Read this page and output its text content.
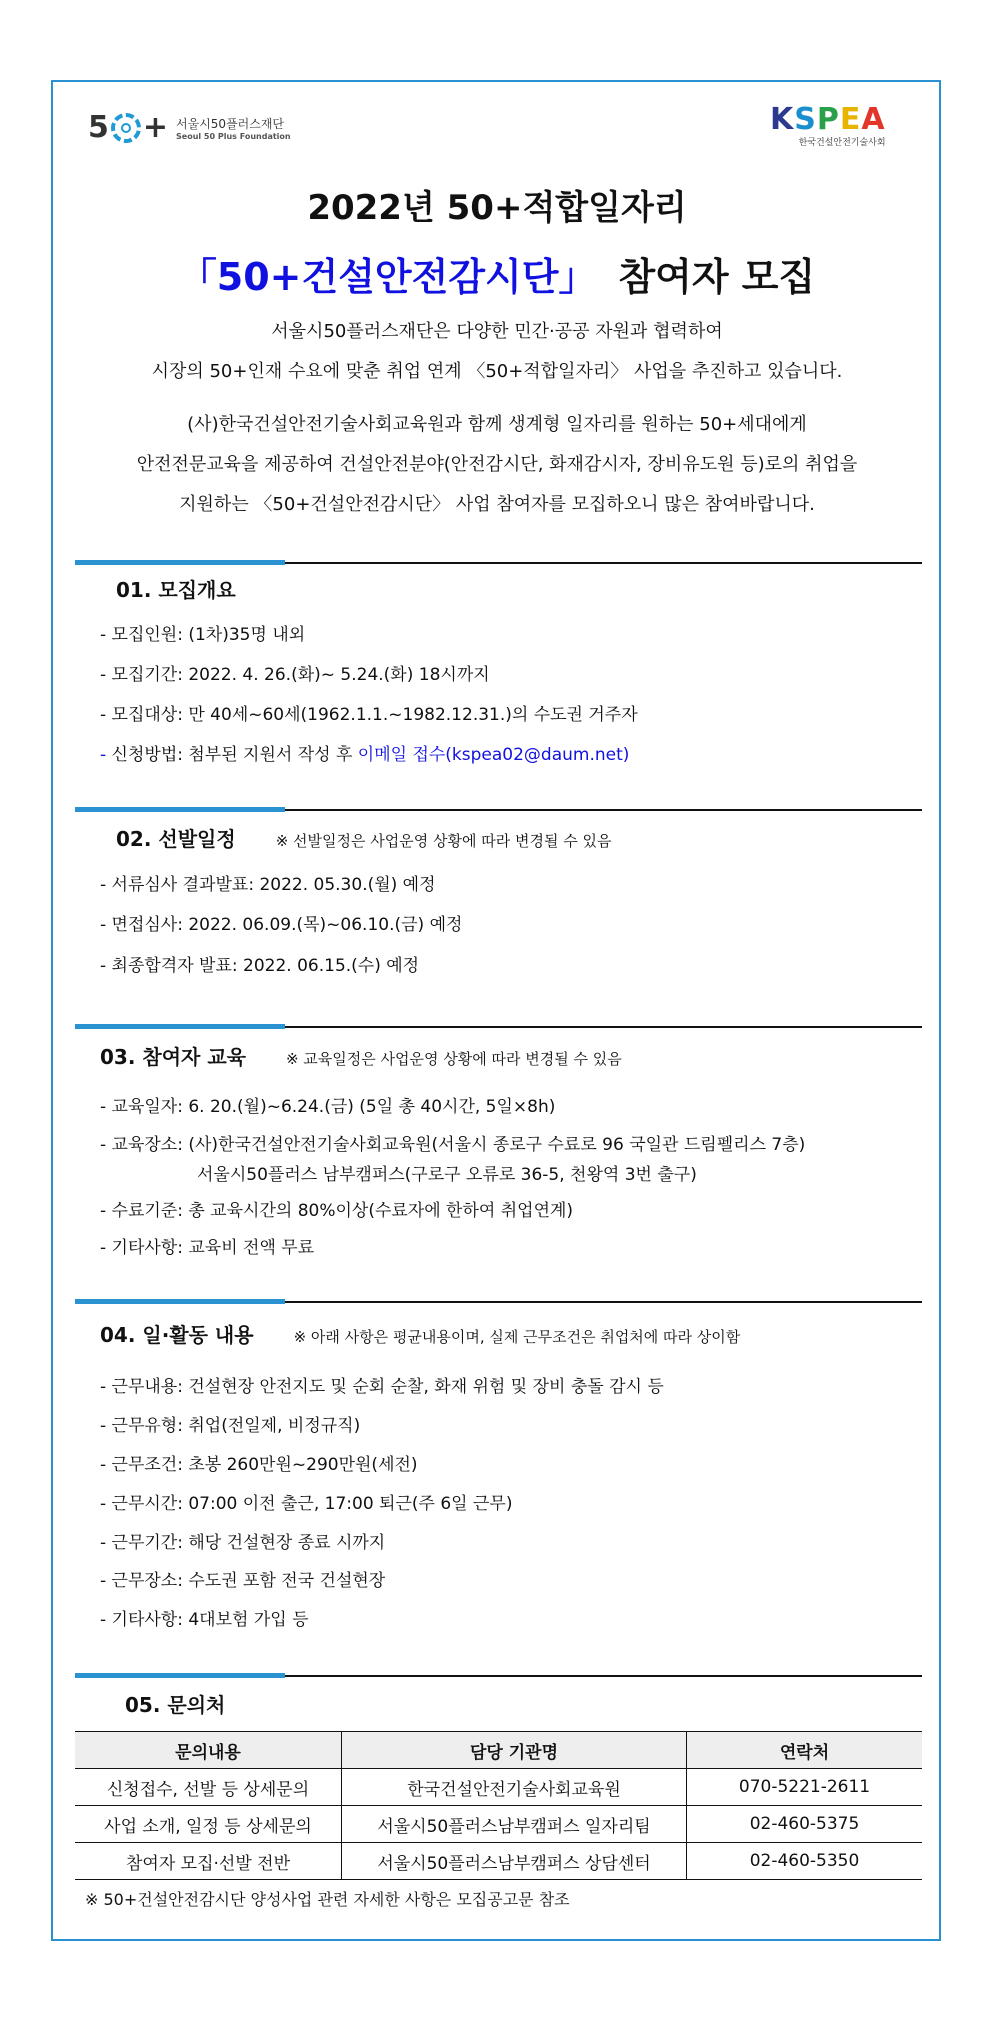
5 + 서울시50플러스재단
Seoul 50 Plus Foundation	KSPEA
한국건설안전기술사회
2022년 50+적합일자리
「50+건설안전감시단」 참여자 모집
서울시50플러스재단은 다양한 민간·공공 자원과 협력하여
시장의 50+인재 수요에 맞춘 취업 연계 〈50+적합일자리〉 사업을 추진하고 있습니다.
(사)한국건설안전기술사회교육원과 함께 생계형 일자리를 원하는 50+세대에게
안전전문교육을 제공하여 건설안전분야(안전감시단, 화재감시자, 장비유도원 등)로의 취업을
지원하는 〈50+건설안전감시단〉 사업 참여자를 모집하오니 많은 참여바랍니다.
01. 모집개요
- 모집인원: (1차)35명 내외
- 모집기간: 2022. 4. 26.(화)~ 5.24.(화) 18시까지
- 모집대상: 만 40세~60세(1962.1.1.~1982.12.31.)의 수도권 거주자
- 신청방법: 첨부된 지원서 작성 후 이메일 접수(kspea02@daum.net)
02. 선발일정	※ 선발일정은 사업운영 상황에 따라 변경될 수 있음
- 서류심사 결과발표: 2022. 05.30.(월) 예정
- 면접심사: 2022. 06.09.(목)~06.10.(금) 예정
- 최종합격자 발표: 2022. 06.15.(수) 예정
03. 참여자 교육	※ 교육일정은 사업운영 상황에 따라 변경될 수 있음
- 교육일자: 6. 20.(월)~6.24.(금) (5일 총 40시간, 5일×8h)
- 교육장소: (사)한국건설안전기술사회교육원(서울시 종로구 수료로 96 국일관 드림펠리스 7층)
서울시50플러스 남부캠퍼스(구로구 오류로 36-5, 천왕역 3번 출구)
- 수료기준: 총 교육시간의 80%이상(수료자에 한하여 취업연계)
- 기타사항: 교육비 전액 무료
04. 일·활동 내용	※ 아래 사항은 평균내용이며, 실제 근무조건은 취업처에 따라 상이함
- 근무내용: 건설현장 안전지도 및 순회 순찰, 화재 위험 및 장비 충돌 감시 등
- 근무유형: 취업(전일제, 비정규직)
- 근무조건: 초봉 260만원~290만원(세전)
- 근무시간: 07:00 이전 출근, 17:00 퇴근(주 6일 근무)
- 근무기간: 해당 건설현장 종료 시까지
- 근무장소: 수도권 포함 전국 건설현장
- 기타사항: 4대보험 가입 등
05. 문의처
문의내용	담당 기관명	연락처
신청접수, 선발 등 상세문의	한국건설안전기술사회교육원	070-5221-2611
사업 소개, 일정 등 상세문의	서울시50플러스남부캠퍼스 일자리팀	02-460-5375
참여자 모집·선발 전반	서울시50플러스남부캠퍼스 상담센터	02-460-5350
※ 50+건설안전감시단 양성사업 관련 자세한 사항은 모집공고문 참조
